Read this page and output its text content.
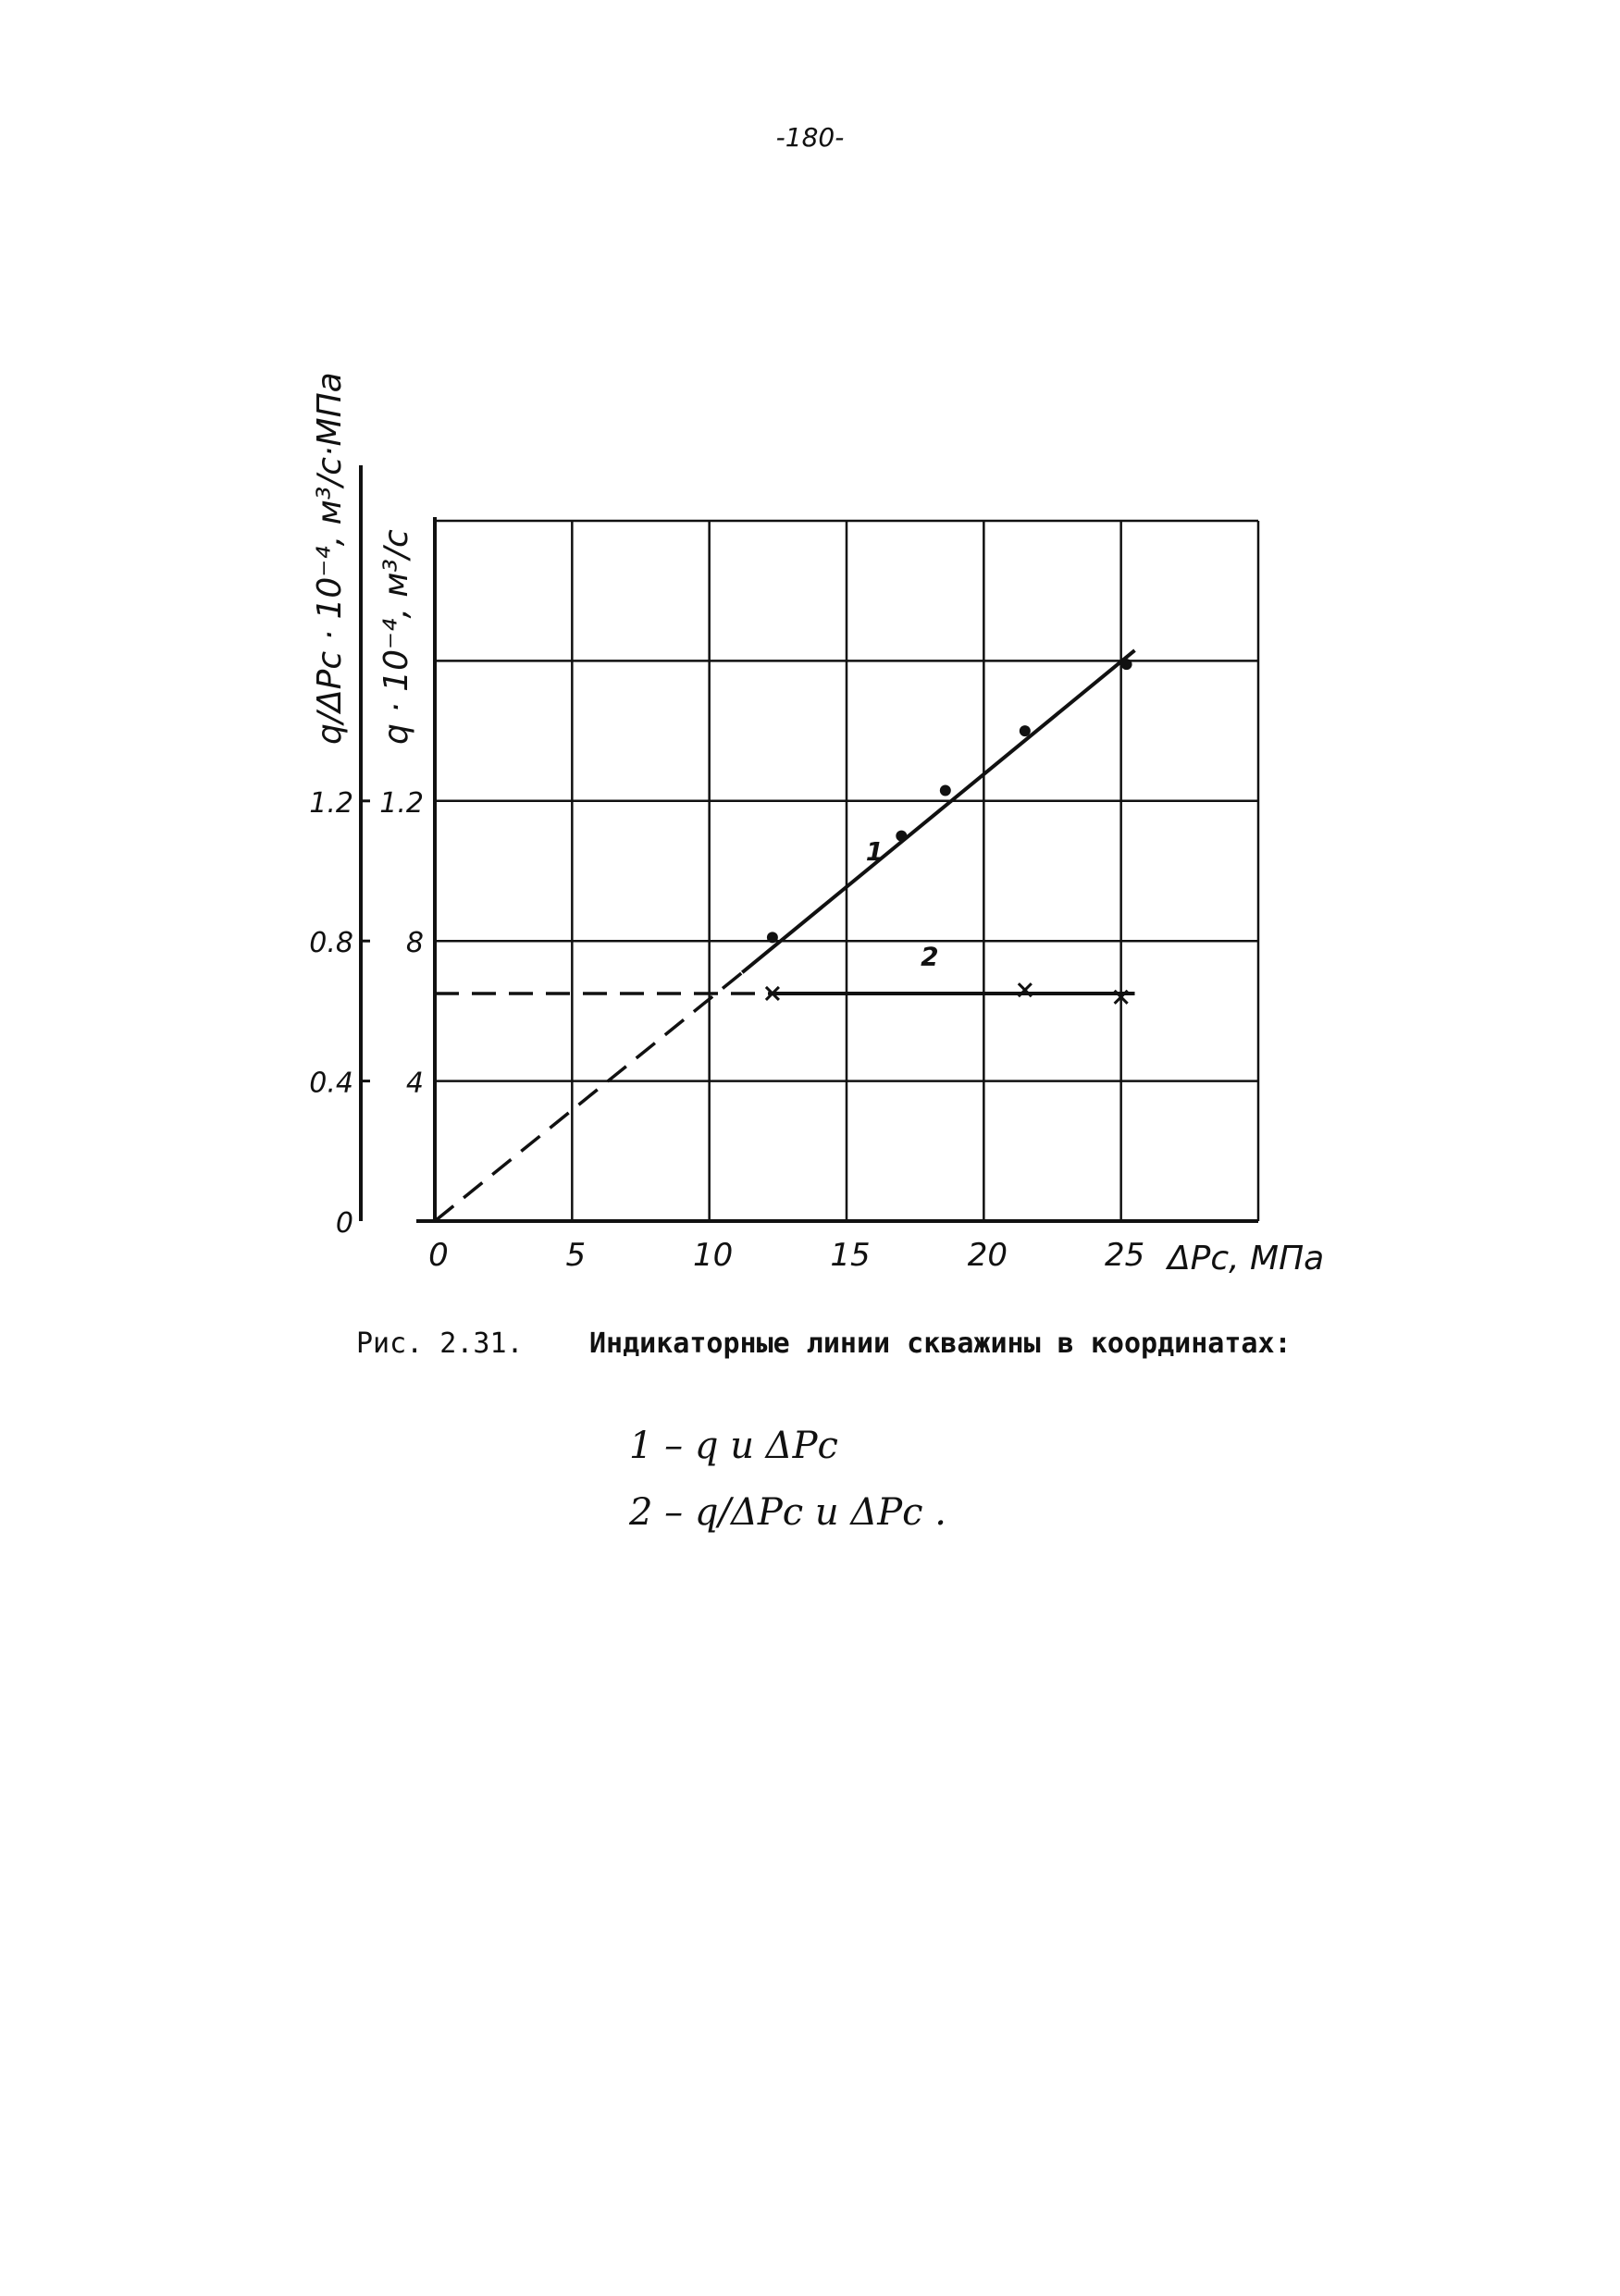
-180-
1
2
0	5	10	15	20	25
4
8
1.2
0
0.4
0.8
1.2
ΔPc, МПа
q/ΔPc · 10⁻⁴, м³/с·МПа q · 10⁻⁴, м³/с
Рис. 2.31. Индикаторные линии скважины в координатах:
1 – q и ΔPc
2 – q/ΔPc и ΔPc .
